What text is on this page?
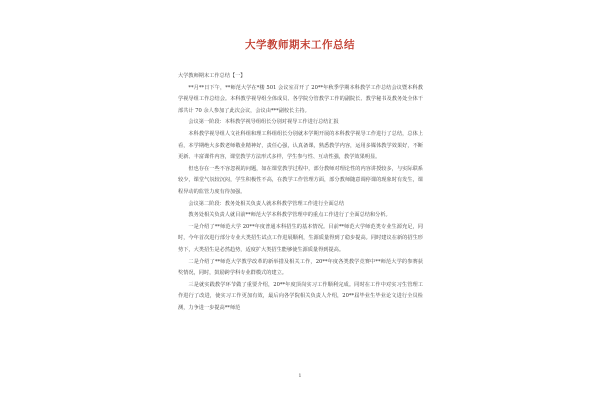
大学教师期末工作总结

大学教师期末工作总结【一】

**月**日下午，**师范大学在*楼 501 会议室召开了 20**年秋季学期本科教学工作总结会议暨本科教学视导组工作总结会。本科教学视导组全体成员、各学院分管教学工作的副院长、教学秘书及教务处全体干部共计 70 余人参加了此次会议，会议由***副校长主持。

会议第一阶段：本科教学视导组组长分别对视导工作进行总结汇报

本科教学视导组人文社科组和理工科组组长分别就本学期开展的本科教学视导工作进行了总结，总体上看，本学期绝大多数老师敬业精神好，责任心强，认真备课，熟悉教学内容，运用多媒体教学效果好，不断更新、丰富课件内容，课堂教学方法形式多样，学生参与性、互动性强，教学效果明显。

但也存在一些不容忽视的问题，如在课堂教学过程中，部分教师对理论性的内容讲授较多，与实际联系较少，课堂气氛较沉闷，学生积极性不高，在教学工作管理方面，部分教师随意调停课的现象时有发生，课程异动的监管力度有待加强。

会议第二阶段：教务处相关负责人就本科教学管理工作进行全面总结

教务处相关负责人就目前**师范大学本科教学管理中的重点工作进行了全面总结和分析。

一是介绍了**师范大学 20**年度普通本科招生的基本情况。目前**师范大学师范类专业生源充足，同时，今年首次进行部分专业大类招生试点工作进展顺利，生源质量得到了稳步提高。同时建议在新的招生形势下，大类招生是必然趋势，适度扩大类招生能够使生源质量得到提高。

二是介绍了**师范大学教学改革的新举措及相关工作，20**年度各类教学竞赛中**师范大学的参赛获奖情况，同时，鼓励跨学科专业群模式的建立。

三是就实践教学环节做了重要介绍，20**年度顶岗实习工作顺利完成。同时在工作中对实习生管理工作进行了改进，使实习工作更加有效，最后向各学院相关负责人介绍，20**届毕业生毕业论文进行全员检测，力争进一步提高**师范

1
